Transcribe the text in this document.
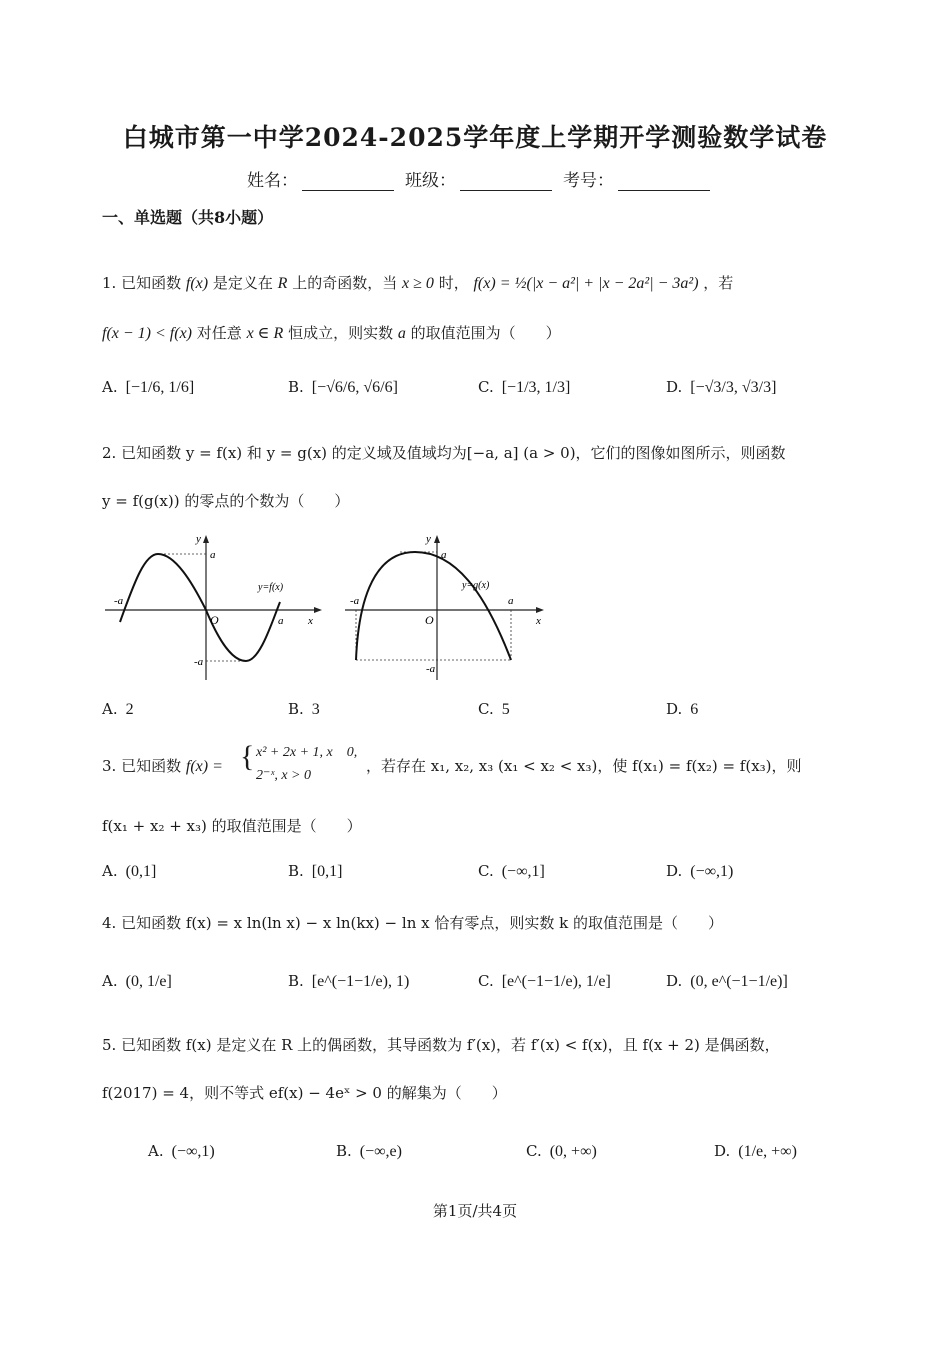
白城市第一中学2024-2025学年度上学期开学测验数学试卷
姓名：	班级：	考号：
一、单选题（共8小题）
1. 已知函数 f(x) 是定义在 R 上的奇函数，当 x ≥ 0 时， f(x) = ½(|x − a²| + |x − 2a²| − 3a²) ，若
f(x − 1) < f(x) 对任意 x ∈ R 恒成立，则实数 a 的取值范围为（　　）
A. [−1/6, 1/6]	B. [−√6/6, √6/6]	C. [−1/3, 1/3]	D. [−√3/3, √3/3]
2. 已知函数 y = f(x) 和 y = g(x) 的定义域及值域均为[−a, a] (a > 0)，它们的图像如图所示，则函数
y = f(g(x)) 的零点的个数为（　　）
y
a
-a
O	a x
-a
y=f(x)
y
a
-a
O
a
x
-a
y=g(x)
A. 2	B. 3	C. 5	D. 6
3. 已知函数 f(x) = { x² + 2x + 1, x　0,
2⁻ˣ, x > 0
，若存在 x₁, x₂, x₃ (x₁ < x₂ < x₃)，使 f(x₁) = f(x₂) = f(x₃)，则
f(x₁ + x₂ + x₃) 的取值范围是（　　）
A. (0,1]	B. [0,1]	C. (−∞,1]	D. (−∞,1)
4. 已知函数 f(x) = x ln(ln x) − x ln(kx) − ln x 恰有零点，则实数 k 的取值范围是（　　）
A. (0, 1/e]	B. [e^(−1−1/e), 1)	C. [e^(−1−1/e), 1/e]	D. (0, e^(−1−1/e)]
5. 已知函数 f(x) 是定义在 R 上的偶函数，其导函数为 f′(x)，若 f′(x) < f(x)，且 f(x + 2) 是偶函数，
f(2017) = 4，则不等式 ef(x) − 4eˣ > 0 的解集为（　　）
A. (−∞,1)	B. (−∞,e)	C. (0, +∞)	D. (1/e, +∞)
第1页/共4页
